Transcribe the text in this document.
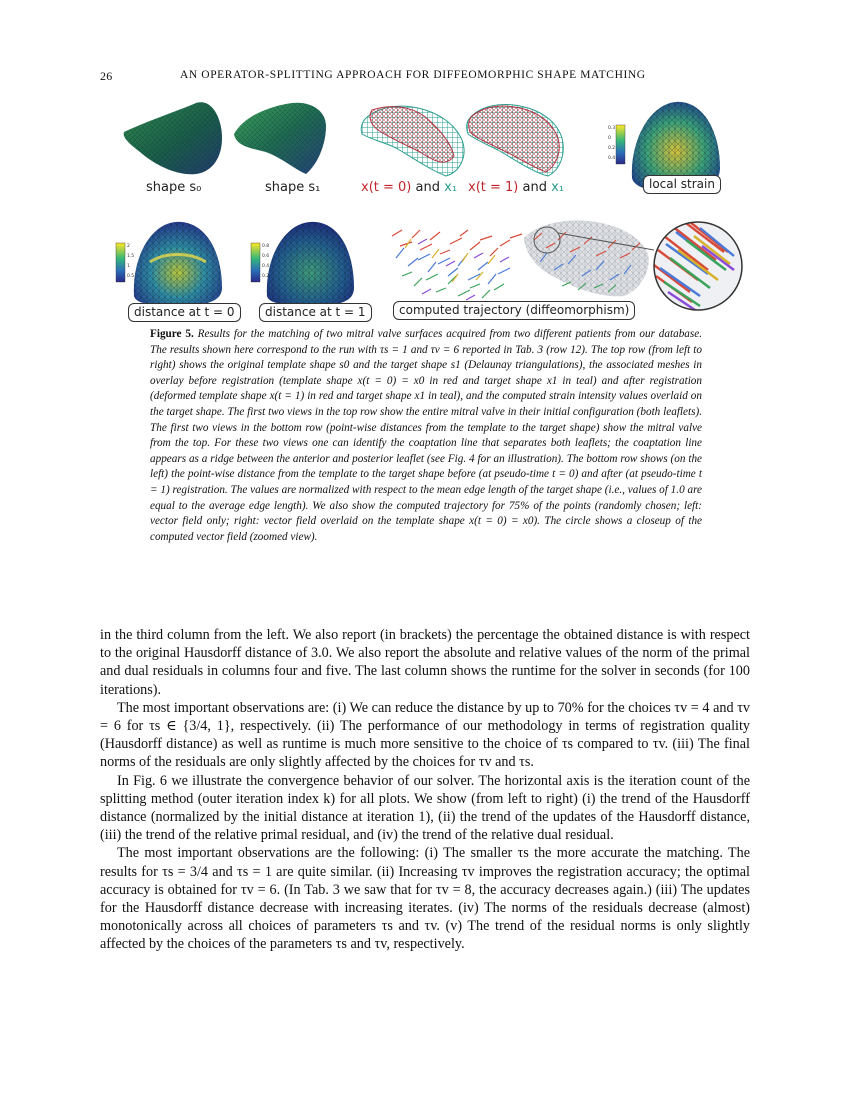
26	AN OPERATOR-SPLITTING APPROACH FOR DIFFEOMORPHIC SHAPE MATCHING
0.3
0
0.2
0.4
2
1.5
1
0.5
0.8
0.6
0.4
0.2
shape s₀	shape s₁	x(t = 0) and x₁ x(t = 1) and x₁	local strain
distance at t = 0	distance at t = 1	computed trajectory (diffeomorphism)
Figure 5. Results for the matching of two mitral valve surfaces acquired from two different patients from our database. The results shown here correspond to the run with τs = 1 and τv = 6 reported in Tab. 3 (row 12). The top row (from left to right) shows the original template shape s0 and the target shape s1 (Delaunay triangulations), the associated meshes in overlay before registration (template shape x(t = 0) = x0 in red and target shape x1 in teal) and after registration (deformed template shape x(t = 1) in red and target shape x1 in teal), and the computed strain intensity values overlaid on the target shape. The first two views in the top row show the entire mitral valve in their initial configuration (both leaflets). The first two views in the bottom row (point-wise distances from the template to the target shape) show the mitral valve from the top. For these two views one can identify the coaptation line that separates both leaflets; the coaptation line appears as a ridge between the anterior and posterior leaflet (see Fig. 4 for an illustration). The bottom row shows (on the left) the point-wise distance from the template to the target shape before (at pseudo-time t = 0) and after (at pseudo-time t = 1) registration. The values are normalized with respect to the mean edge length of the target shape (i.e., values of 1.0 are equal to the average edge length). We also show the computed trajectory for 75% of the points (randomly chosen; left: vector field only; right: vector field overlaid on the template shape x(t = 0) = x0). The circle shows a closeup of the computed vector field (zoomed view).

in the third column from the left. We also report (in brackets) the percentage the obtained distance is with respect to the original Hausdorff distance of 3.0. We also report the absolute and relative values of the norm of the primal and dual residuals in columns four and five. The last column shows the runtime for the solver in seconds (for 100 iterations).

The most important observations are: (i) We can reduce the distance by up to 70% for the choices τv = 4 and τv = 6 for τs ∈ {3/4, 1}, respectively. (ii) The performance of our methodology in terms of registration quality (Hausdorff distance) as well as runtime is much more sensitive to the choice of τs compared to τv. (iii) The final norms of the residuals are only slightly affected by the choices for τv and τs.

In Fig. 6 we illustrate the convergence behavior of our solver. The horizontal axis is the iteration count of the splitting method (outer iteration index k) for all plots. We show (from left to right) (i) the trend of the Hausdorff distance (normalized by the initial distance at iteration 1), (ii) the trend of the updates of the Hausdorff distance, (iii) the trend of the relative primal residual, and (iv) the trend of the relative dual residual.

The most important observations are the following: (i) The smaller τs the more accurate the matching. The results for τs = 3/4 and τs = 1 are quite similar. (ii) Increasing τv improves the registration accuracy; the optimal accuracy is obtained for τv = 6. (In Tab. 3 we saw that for τv = 8, the accuracy decreases again.) (iii) The updates for the Hausdorff distance decrease with increasing iterates. (iv) The norms of the residuals decrease (almost) monotonically across all choices of parameters τs and τv. (v) The trend of the residual norms is only slightly affected by the choices of the parameters τs and τv, respectively.
